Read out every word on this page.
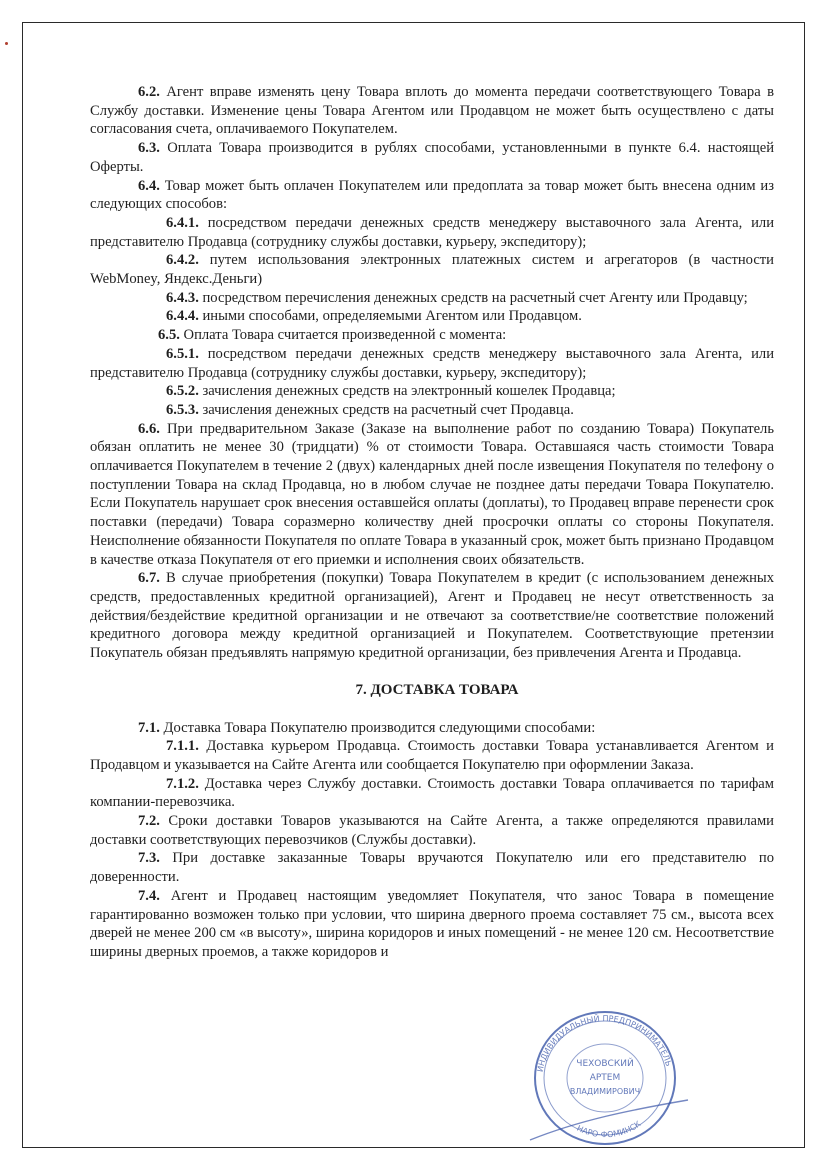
6.2. Агент вправе изменять цену Товара вплоть до момента передачи соответствующего Товара в Службу доставки. Изменение цены Товара Агентом или Продавцом не может быть осуществлено с даты согласования счета, оплачиваемого Покупателем.

6.3. Оплата Товара производится в рублях способами, установленными в пункте 6.4. настоящей Оферты.

6.4. Товар может быть оплачен Покупателем или предоплата за товар может быть внесена одним из следующих способов:

6.4.1. посредством передачи денежных средств менеджеру выставочного зала Агента, или представителю Продавца (сотруднику службы доставки, курьеру, экспедитору);

6.4.2. путем использования электронных платежных систем и агрегаторов (в частности WebMoney, Яндекс.Деньги)

6.4.3. посредством перечисления денежных средств на расчетный счет Агенту или Продавцу;

6.4.4. иными способами, определяемыми Агентом или Продавцом.

6.5. Оплата Товара считается произведенной с момента:

6.5.1. посредством передачи денежных средств менеджеру выставочного зала Агента, или представителю Продавца (сотруднику службы доставки, курьеру, экспедитору);

6.5.2. зачисления денежных средств на электронный кошелек Продавца;

6.5.3. зачисления денежных средств на расчетный счет Продавца.

6.6. При предварительном Заказе (Заказе на выполнение работ по созданию Товара) Покупатель обязан оплатить не менее 30 (тридцати) % от стоимости Товара. Оставшаяся часть стоимости Товара оплачивается Покупателем в течение 2 (двух) календарных дней после извещения Покупателя по телефону о поступлении Товара на склад Продавца, но в любом случае не позднее даты передачи Товара Покупателю. Если Покупатель нарушает срок внесения оставшейся оплаты (доплаты), то Продавец вправе перенести срок поставки (передачи) Товара соразмерно количеству дней просрочки оплаты со стороны Покупателя. Неисполнение обязанности Покупателя по оплате Товара в указанный срок, может быть признано Продавцом в качестве отказа Покупателя от его приемки и исполнения своих обязательств.

6.7. В случае приобретения (покупки) Товара Покупателем в кредит (с использованием денежных средств, предоставленных кредитной организацией), Агент и Продавец не несут ответственность за действия/бездействие кредитной организации и не отвечают за соответствие/не соответствие положений кредитного договора между кредитной организацией и Покупателем. Соответствующие претензии Покупатель обязан предъявлять напрямую кредитной организации, без привлечения Агента и Продавца.

7. ДОСТАВКА ТОВАРА

7.1. Доставка Товара Покупателю производится следующими способами:

7.1.1. Доставка курьером Продавца. Стоимость доставки Товара устанавливается Агентом и Продавцом и указывается на Сайте Агента или сообщается Покупателю при оформлении Заказа.

7.1.2. Доставка через Службу доставки. Стоимость доставки Товара оплачивается по тарифам компании-перевозчика.

7.2. Сроки доставки Товаров указываются на Сайте Агента, а также определяются правилами доставки соответствующих перевозчиков (Службы доставки).

7.3. При доставке заказанные Товары вручаются Покупателю или его представителю по доверенности.

7.4. Агент и Продавец настоящим уведомляет Покупателя, что занос Товара в помещение гарантированно возможен только при условии, что ширина дверного проема составляет 75 см., высота всех дверей не менее 200 см «в высоту», ширина коридоров и иных помещений - не менее 120 см. Несоответствие ширины дверных проемов, а также коридоров и

ИНДИВИДУАЛЬНЫЙ ПРЕДПРИНИМАТЕЛЬ
НАРО-ФОМИНСК
ЧЕХОВСКИЙ
АРТЕМ
ВЛАДИМИРОВИЧ
